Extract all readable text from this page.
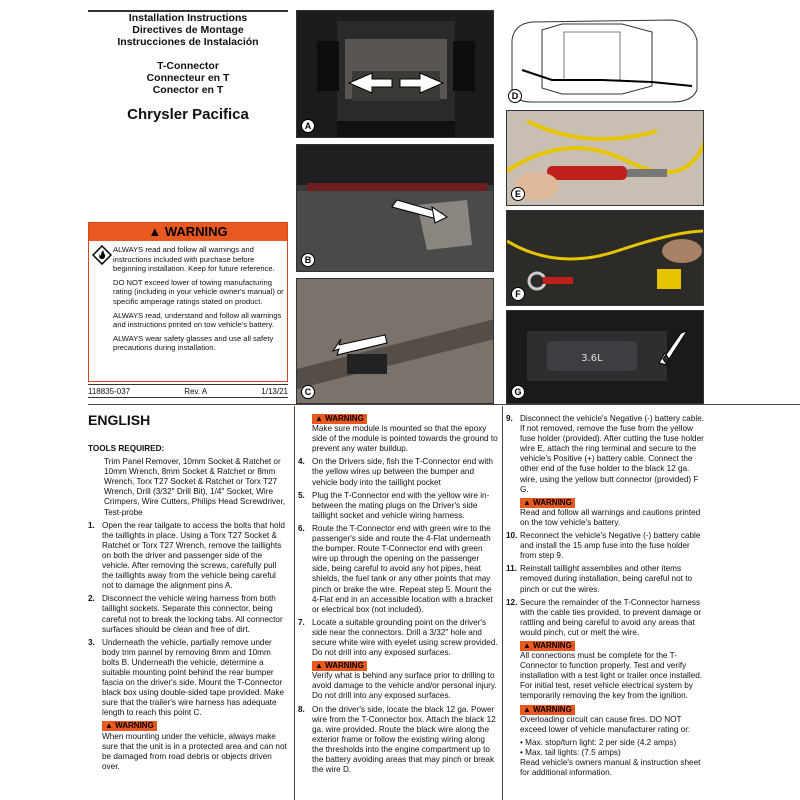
Installation Instructions
Directives de Montage
Instrucciones de Instalación
T-Connector
Connecteur en T
Conector en T
Chrysler Pacifica
▲ WARNING

ALWAYS read and follow all warnings and instructions included with purchase before beginning installation. Keep for future reference.

DO NOT exceed lower of towing manufacturing rating (including in your vehicle owner's manual) or specific amperage ratings stated on product.

ALWAYS read, understand and follow all warnings and instructions printed on tow vehicle's battery.

ALWAYS wear safety glasses and use all safety precautions during installation.

118835-037	Rev. A	1/13/21
A
B
C
D
E
F
3.6L
G
ENGLISH

TOOLS REQUIRED:

Trim Panel Remover, 10mm Socket & Ratchet or 10mm Wrench, 8mm Socket & Ratchet or 8mm Wrench, Torx T27 Socket & Ratchet or Torx T27 Wrench, Drill (3/32" Drill Bit), 1/4" Socket, Wire Crimpers, Wire Cutters, Philips Head Screwdriver, Test-probe

1. Open the rear tailgate to access the bolts that hold the taillights in place. Using a Torx T27 Socket & Ratchet or Torx T27 Wrench, remove the taillights on both the driver and passenger side of the vehicle. After removing the screws, carefully pull the taillights away from the vehicle being careful not to damage the alignment pins A.
2. Disconnect the vehicle wiring harness from both taillight sockets. Separate this connector, being careful not to break the locking tabs. All connector surfaces should be clean and free of dirt.
3. Underneath the vehicle, partially remove under body trim pannel by removing 8mm and 10mm bolts B. Underneath the vehicle, determine a suitable mounting point behind the rear bumper fascia on the driver's side. Mount the T-Connector black box using double-sided tape provided. Make sure that the trailer's wire harness has adequate length to reach this point C.
▲ WARNING

When mounting under the vehicle, always make sure that the unit is in a protected area and can not be damaged from road debris or objects driven over.

▲ WARNING

Make sure module is mounted so that the epoxy side of the module is pointed towards the ground to prevent any water buildup.

4. On the Drivers side, fish the T-Connector end with the yellow wires up between the bumper and vehicle body into the taillight pocket
5. Plug the T-Connector end with the yellow wire in-between the mating plugs on the Driver's side taillight socket and vehicle wiring harness.
6. Route the T-Connector end with green wire to the passenger's side and route the 4-Flat underneath the bumper. Route T-Connector end with green wire up through the opening on the passenger side, being careful to avoid any hot pipes, heat shields, the fuel tank or any other points that may pinch or brake the wire. Repeat step 5. Mount the 4-Flat end in an accessible location with a bracket or electrical box (not included).
7. Locate a suitable grounding point on the driver's side near the connectors. Drill a 3/32" hole and secure white wire with eyelet using screw provided. Do not drill into any exposed surfaces.
▲ WARNING

Verify what is behind any surface prior to drilling to avoid damage to the vehicle and/or personal injury. Do not drill into any exposed surfaces.

8. On the driver's side, locate the black 12 ga. Power wire from the T-Connector box. Attach the black 12 ga. wire provided. Route the black wire along the exterior frame or follow the existing wiring along the thresholds into the engine compartment up to the battery avoiding areas that may pinch or break the wire D.
9. Disconnect the vehicle's Negative (-) battery cable. If not removed, remove the fuse from the yellow fuse holder (provided). After cutting the fuse holder wire E, attach the ring terminal and secure to the vehicle's Positive (+) battery cable. Connect the other end of the fuse holder to the black 12 ga. wire, using the yellow butt connector (provided) F G.
▲ WARNING

Read and follow all warnings and cautions printed on the tow vehicle's battery.

10. Reconnect the vehicle's Negative (-) battery cable and install the 15 amp fuse into the fuse holder from step 9.
11. Reinstall taillight assemblies and other items removed during installation, being careful not to pinch or cut the wires.
12. Secure the remainder of the T-Connector harness with the cable ties provided, to prevent damage or rattling and being careful to avoid any areas that would pinch, cut or melt the wire.
▲ WARNING

All connections must be complete for the T-Connector to function properly. Test and verify installation with a test light or trailer once installed. For initial test, reset vehicle electrical system by temporarily removing the key from the ignition.

▲ WARNING

Overloading circuit can cause fires. DO NOT exceed lower of vehicle manufacturer rating or:

• Max. stop/turn light: 2 per side (4.2 amps)

• Max. tail lights: (7.5 amps)

Read vehicle's owners manual & instruction sheet for additional information.
